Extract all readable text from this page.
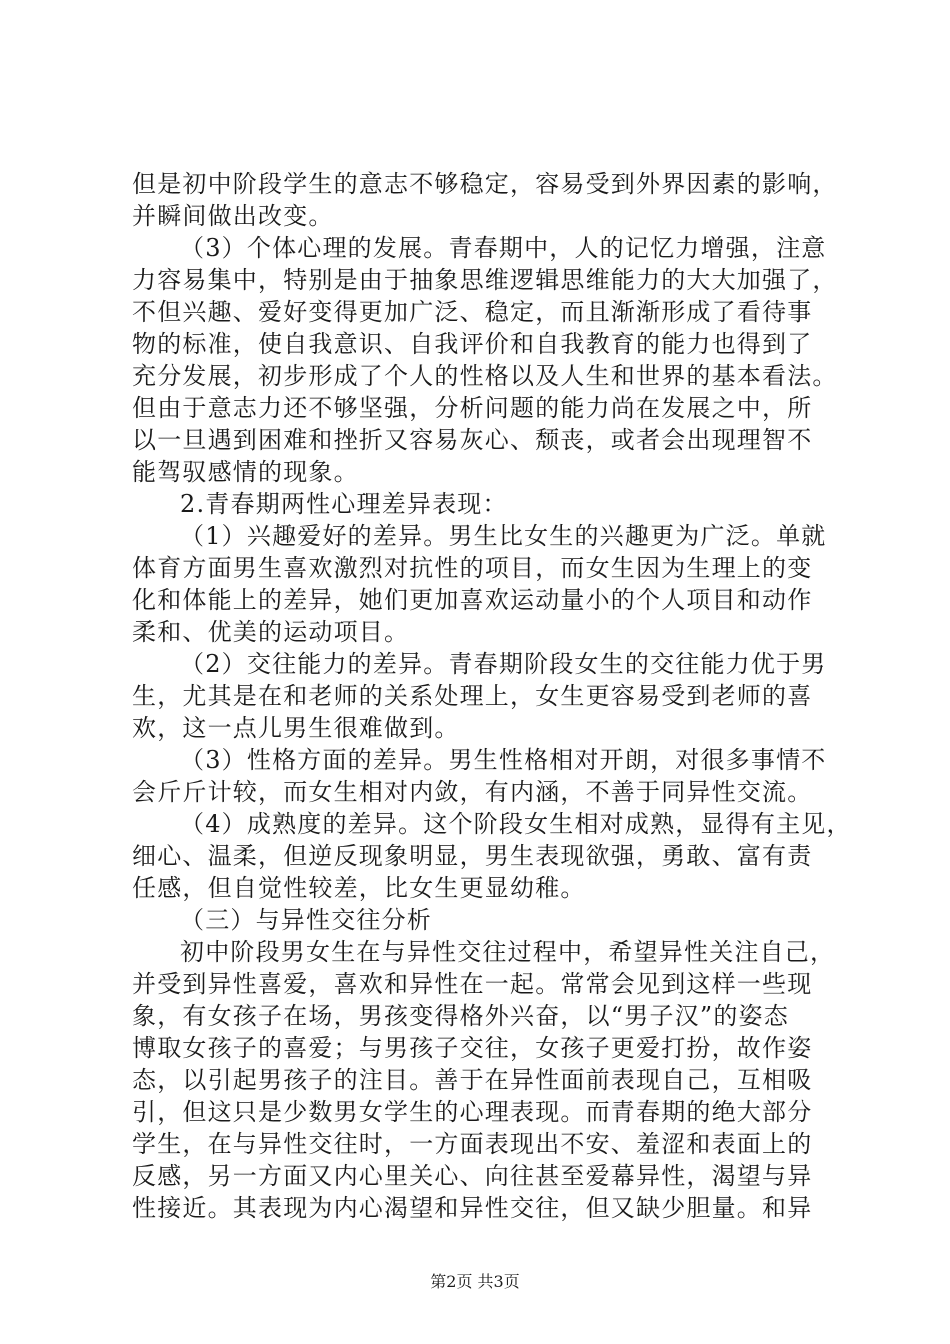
但是初中阶段学生的意志不够稳定，容易受到外界因素的影响，
并瞬间做出改变。
（3）个体心理的发展。青春期中，人的记忆力增强，注意
力容易集中，特别是由于抽象思维逻辑思维能力的大大加强了，
不但兴趣、爱好变得更加广泛、稳定，而且渐渐形成了看待事
物的标准，使自我意识、自我评价和自我教育的能力也得到了
充分发展，初步形成了个人的性格以及人生和世界的基本看法。
但由于意志力还不够坚强，分析问题的能力尚在发展之中，所
以一旦遇到困难和挫折又容易灰心、颓丧，或者会出现理智不
能驾驭感情的现象。
2.青春期两性心理差异表现：
（1）兴趣爱好的差异。男生比女生的兴趣更为广泛。单就
体育方面男生喜欢激烈对抗性的项目，而女生因为生理上的变
化和体能上的差异，她们更加喜欢运动量小的个人项目和动作
柔和、优美的运动项目。
（2）交往能力的差异。青春期阶段女生的交往能力优于男
生，尤其是在和老师的关系处理上，女生更容易受到老师的喜
欢，这一点儿男生很难做到。
（3）性格方面的差异。男生性格相对开朗，对很多事情不
会斤斤计较，而女生相对内敛，有内涵，不善于同异性交流。
（4）成熟度的差异。这个阶段女生相对成熟，显得有主见，
细心、温柔，但逆反现象明显，男生表现欲强，勇敢、富有责
任感，但自觉性较差，比女生更显幼稚。
（三）与异性交往分析
初中阶段男女生在与异性交往过程中，希望异性关注自己，
并受到异性喜爱，喜欢和异性在一起。常常会见到这样一些现
象，有女孩子在场，男孩变得格外兴奋，以“男子汉”的姿态
博取女孩子的喜爱；与男孩子交往，女孩子更爱打扮，故作姿
态，以引起男孩子的注目。善于在异性面前表现自己，互相吸
引，但这只是少数男女学生的心理表现。而青春期的绝大部分
学生，在与异性交往时，一方面表现出不安、羞涩和表面上的
反感，另一方面又内心里关心、向往甚至爱幕异性，渴望与异
性接近。其表现为内心渴望和异性交往，但又缺少胆量。和异
第2页 共3页
